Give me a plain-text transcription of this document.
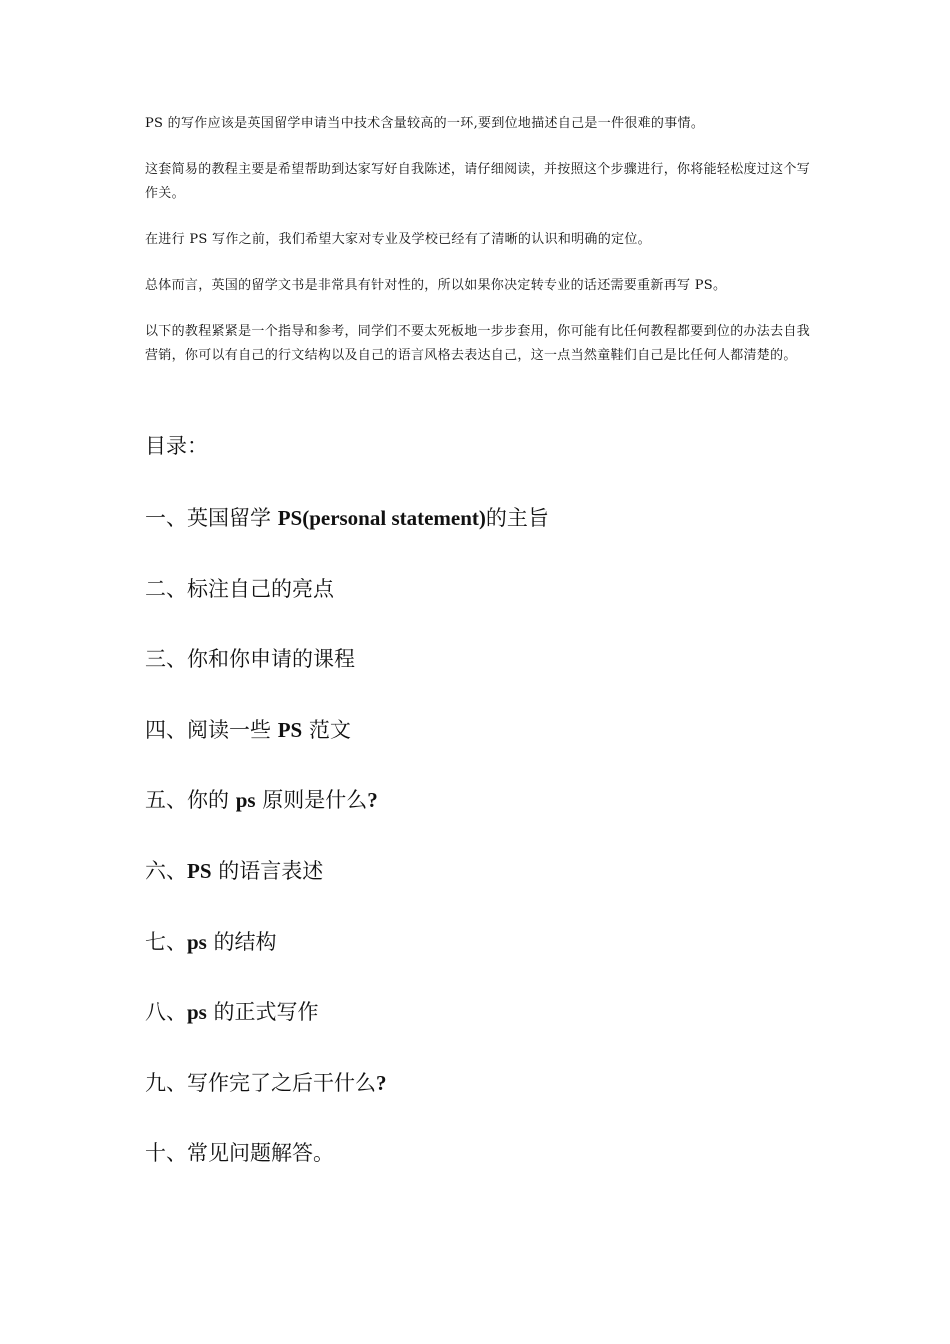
PS 的写作应该是英国留学申请当中技术含量较高的一环,要到位地描述自己是一件很难的事情。

这套简易的教程主要是希望帮助到达家写好自我陈述，请仔细阅读，并按照这个步骤进行，你将能轻松度过这个写作关。

在进行 PS 写作之前，我们希望大家对专业及学校已经有了清晰的认识和明确的定位。

总体而言，英国的留学文书是非常具有针对性的，所以如果你决定转专业的话还需要重新再写 PS。

以下的教程紧紧是一个指导和参考，同学们不要太死板地一步步套用，你可能有比任何教程都要到位的办法去自我营销，你可以有自己的行文结构以及自己的语言风格去表达自己，这一点当然童鞋们自己是比任何人都清楚的。

目录：
一、英国留学 PS(personal statement)的主旨
二、标注自己的亮点
三、你和你申请的课程
四、阅读一些 PS 范文
五、你的 ps 原则是什么?
六、PS 的语言表述
七、ps 的结构
八、ps 的正式写作
九、写作完了之后干什么?
十、常见问题解答。
